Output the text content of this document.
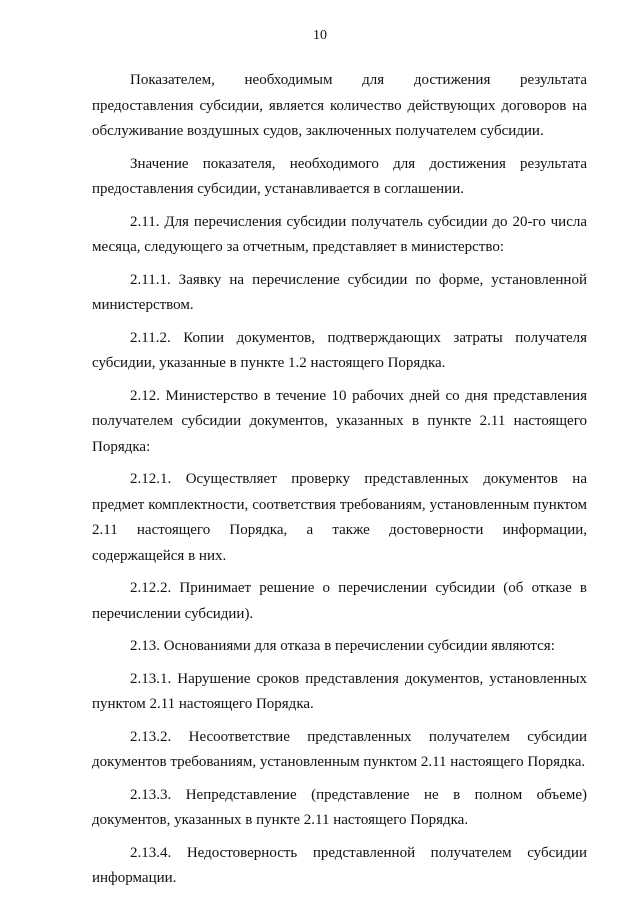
10

Показателем, необходимым для достижения результата предоставления субсидии, является количество действующих договоров на обслуживание воздушных судов, заключенных получателем субсидии.

Значение показателя, необходимого для достижения результата предоставления субсидии, устанавливается в соглашении.

2.11. Для перечисления субсидии получатель субсидии до 20-го числа месяца, следующего за отчетным, представляет в министерство:

2.11.1. Заявку на перечисление субсидии по форме, установленной министерством.

2.11.2. Копии документов, подтверждающих затраты получателя субсидии, указанные в пункте 1.2 настоящего Порядка.

2.12. Министерство в течение 10 рабочих дней со дня представления получателем субсидии документов, указанных в пункте 2.11 настоящего Порядка:

2.12.1. Осуществляет проверку представленных документов на предмет комплектности, соответствия требованиям, установленным пунктом 2.11 настоящего Порядка, а также достоверности информации, содержащейся в них.

2.12.2. Принимает решение о перечислении субсидии (об отказе в перечислении субсидии).

2.13. Основаниями для отказа в перечислении субсидии являются:

2.13.1. Нарушение сроков представления документов, установленных пунктом 2.11 настоящего Порядка.

2.13.2. Несоответствие представленных получателем субсидии документов требованиям, установленным пунктом 2.11 настоящего Порядка.

2.13.3. Непредставление (представление не в полном объеме) документов, указанных в пункте 2.11 настоящего Порядка.

2.13.4. Недостоверность представленной получателем субсидии информации.
